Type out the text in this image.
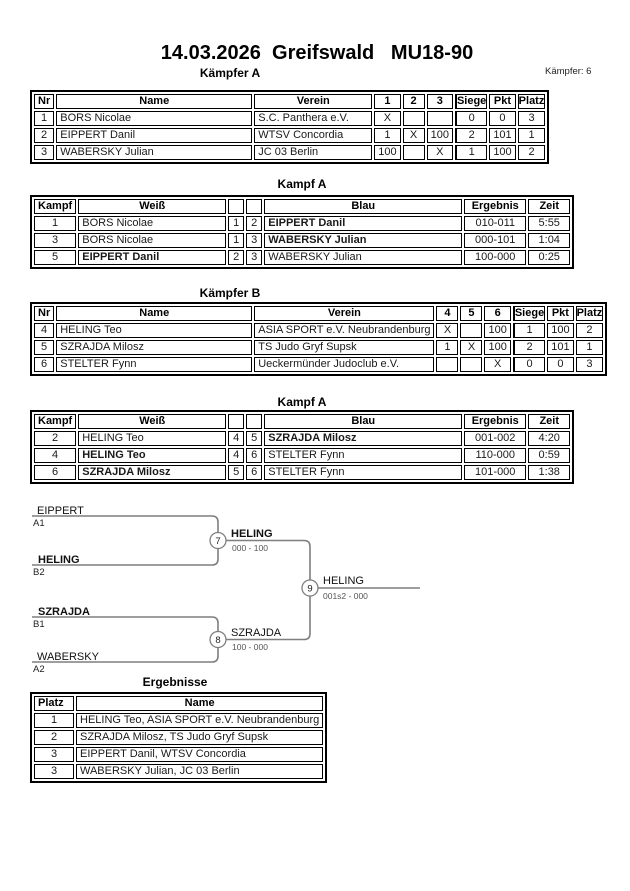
14.03.2026  Greifswald   MU18-90
Kämpfer: 6
Kämpfer A
Nr	Name	Verein	1	2	3	Siege	Pkt	Platz
1	BORS Nicolae	S.C. Panthera e.V.	X			0	0	3
2	EIPPERT Danil	WTSV Concordia	1	X	100	2	101	1
3	WABERSKY Julian	JC 03 Berlin	100		X	1	100	2
Kampf A
Kampf	Weiß			Blau	Ergebnis	Zeit
1	BORS Nicolae	1	2	EIPPERT Danil	010-011	5:55
3	BORS Nicolae	1	3	WABERSKY Julian	000-101	1:04
5	EIPPERT Danil	2	3	WABERSKY Julian	100-000	0:25
Kämpfer B
Nr	Name	Verein	4	5	6	Siege	Pkt	Platz
4	HELING Teo	ASIA SPORT e.V. Neubrandenburg	X		100	1	100	2
5	SZRAJDA Milosz	TS Judo Gryf Supsk	1	X	100	2	101	1
6	STELTER Fynn	Ueckermünder Judoclub e.V.			X	0	0	3
Kampf A
Kampf	Weiß			Blau	Ergebnis	Zeit
2	HELING Teo	4	5	SZRAJDA Milosz	001-002	4:20
4	HELING Teo	4	6	STELTER Fynn	110-000	0:59
6	SZRAJDA Milosz	5	6	STELTER Fynn	101-000	1:38
7
8
9
EIPPERT
A1
HELING
B2
SZRAJDA
B1
WABERSKY
A2
HELING
000 - 100
SZRAJDA
100 - 000
HELING
001s2 - 000
Ergebnisse
Platz	Name
1	HELING Teo, ASIA SPORT e.V. Neubrandenburg
2	SZRAJDA Milosz, TS Judo Gryf Supsk
3	EIPPERT Danil, WTSV Concordia
3	WABERSKY Julian, JC 03 Berlin
